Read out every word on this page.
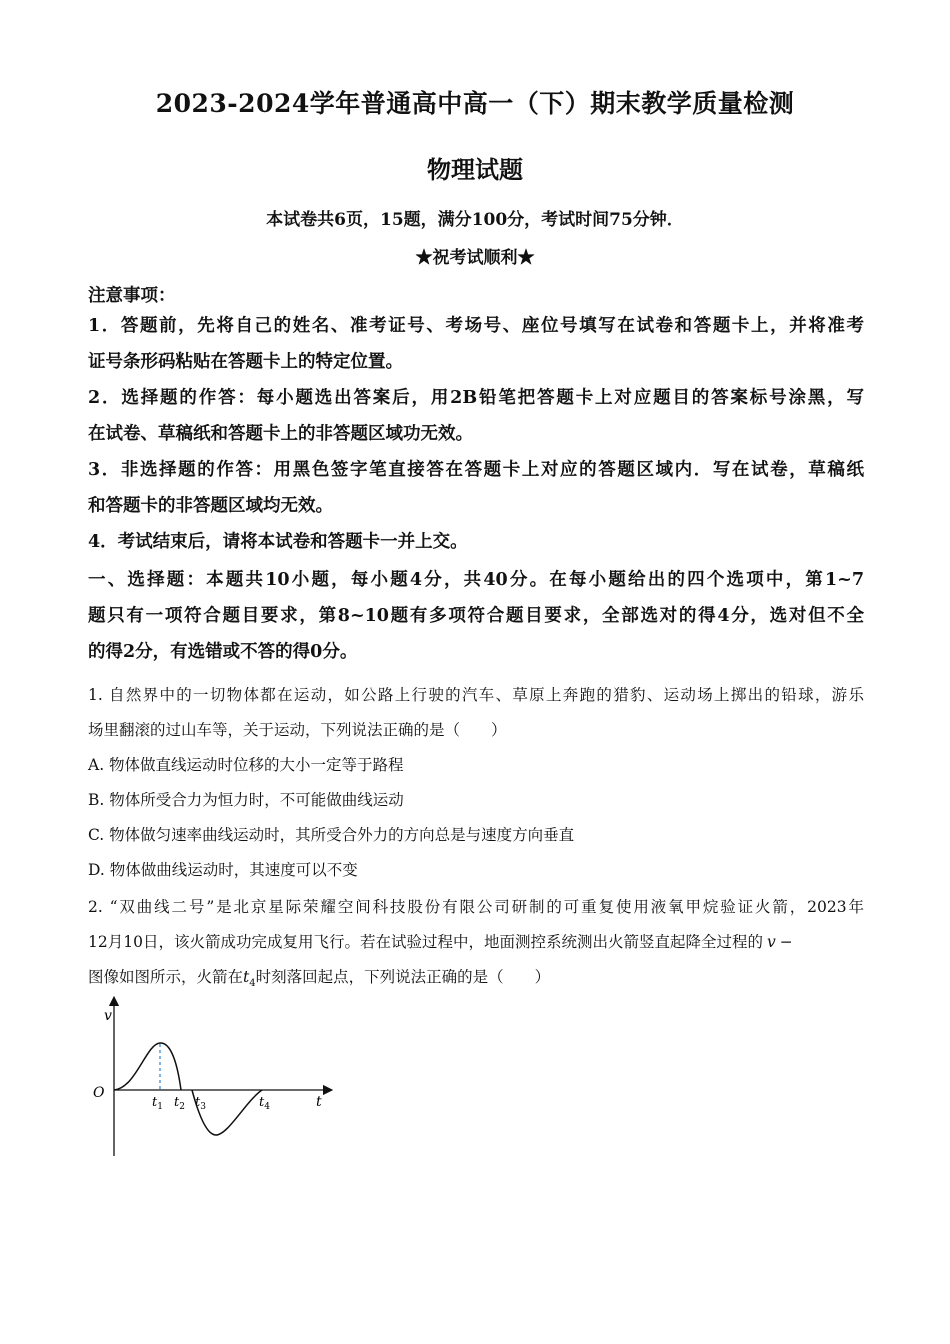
2023-2024学年普通高中高一（下）期末教学质量检测
物理试题
本试卷共6页，15题，满分100分，考试时间75分钟．
★祝考试顺利★
注意事项：
1．答题前，先将自己的姓名、准考证号、考场号、座位号填写在试卷和答题卡上，并将准考
证号条形码粘贴在答题卡上的特定位置。
2．选择题的作答：每小题选出答案后，用2B铅笔把答题卡上对应题目的答案标号涂黑，写
在试卷、草稿纸和答题卡上的非答题区域功无效。
3．非选择题的作答：用黑色签字笔直接答在答题卡上对应的答题区域内．写在试卷，草稿纸
和答题卡的非答题区域均无效。
4．考试结束后，请将本试卷和答题卡一并上交。
一、选择题：本题共10小题，每小题4分，共40分。在每小题给出的四个选项中，第1~7
题只有一项符合题目要求，第8~10题有多项符合题目要求，全部选对的得4分，选对但不全
的得2分，有选错或不答的得0分。
1. 自然界中的一切物体都在运动，如公路上行驶的汽车、草原上奔跑的猎豹、运动场上掷出的铅球，游乐
场里翻滚的过山车等，关于运动，下列说法正确的是（　　）
A. 物体做直线运动时位移的大小一定等于路程
B. 物体所受合力为恒力时，不可能做曲线运动
C. 物体做匀速率曲线运动时，其所受合外力的方向总是与速度方向垂直
D. 物体做曲线运动时，其速度可以不变
2. “双曲线二号”是北京星际荣耀空间科技股份有限公司研制的可重复使用液氧甲烷验证火箭，2023年
12月10日，该火箭成功完成复用飞行。若在试验过程中，地面测控系统测出火箭竖直起降全过程的 v −
图像如图所示，火箭在$t_4$时刻落回起点，下列说法正确的是（　　）
v
t
O
$t_1$ $t_2$ $t_3$	$t_4$
